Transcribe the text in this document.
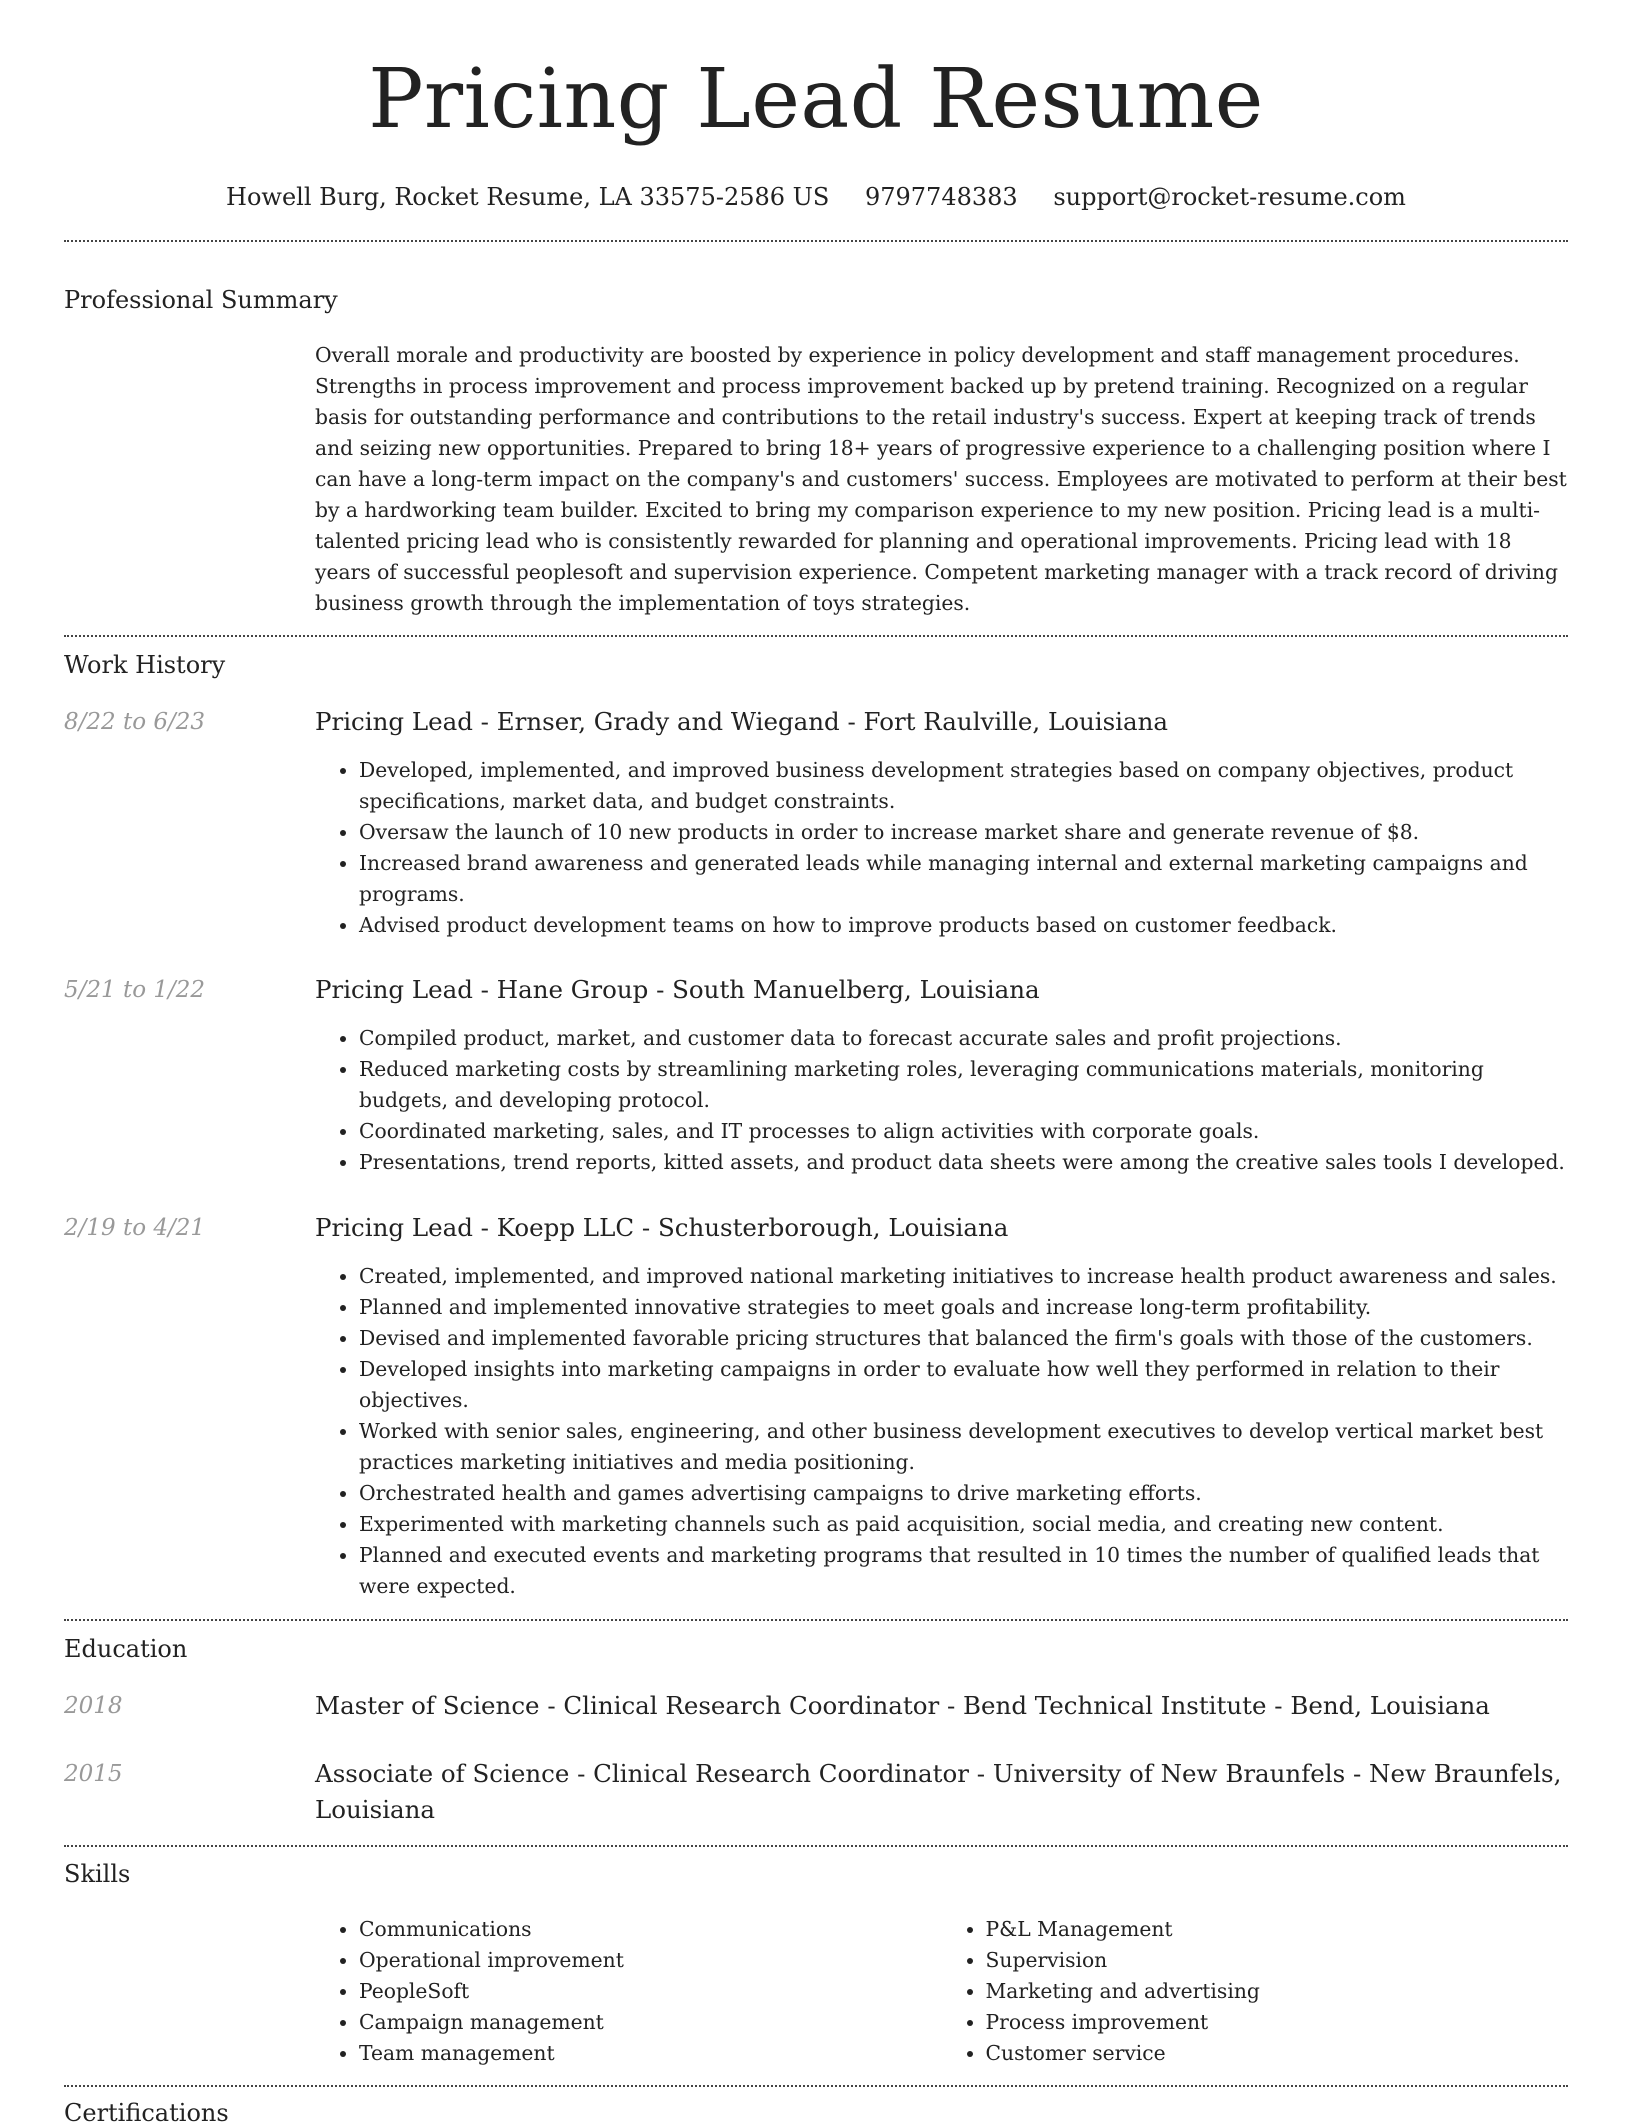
Pricing Lead Resume
Howell Burg, Rocket Resume, LA 33575-2586 US 9797748383 support@rocket-resume.com
Professional Summary

Overall morale and productivity are boosted by experience in policy development and staff management procedures. Strengths in process improvement and process improvement backed up by pretend training. Recognized on a regular basis for outstanding performance and contributions to the retail industry's success. Expert at keeping track of trends and seizing new opportunities. Prepared to bring 18+ years of progressive experience to a challenging position where I can have a long-term impact on the company's and customers' success. Employees are motivated to perform at their best by a hardworking team builder. Excited to bring my comparison experience to my new position. Pricing lead is a multi-talented pricing lead who is consistently rewarded for planning and operational improvements. Pricing lead with 18 years of successful peoplesoft and supervision experience. Competent marketing manager with a track record of driving business growth through the implementation of toys strategies.

Work History
8/22 to 6/23	Pricing Lead - Ernser, Grady and Wiegand - Fort Raulville, Louisiana

• Developed, implemented, and improved business development strategies based on company objectives, product specifications, market data, and budget constraints.
• Oversaw the launch of 10 new products in order to increase market share and generate revenue of $8.
• Increased brand awareness and generated leads while managing internal and external marketing campaigns and programs.
• Advised product development teams on how to improve products based on customer feedback.
5/21 to 1/22	Pricing Lead - Hane Group - South Manuelberg, Louisiana

• Compiled product, market, and customer data to forecast accurate sales and profit projections.
• Reduced marketing costs by streamlining marketing roles, leveraging communications materials, monitoring budgets, and developing protocol.
• Coordinated marketing, sales, and IT processes to align activities with corporate goals.
• Presentations, trend reports, kitted assets, and product data sheets were among the creative sales tools I developed.
2/19 to 4/21	Pricing Lead - Koepp LLC - Schusterborough, Louisiana

• Created, implemented, and improved national marketing initiatives to increase health product awareness and sales.
• Planned and implemented innovative strategies to meet goals and increase long-term profitability.
• Devised and implemented favorable pricing structures that balanced the firm's goals with those of the customers.
• Developed insights into marketing campaigns in order to evaluate how well they performed in relation to their objectives.
• Worked with senior sales, engineering, and other business development executives to develop vertical market best practices marketing initiatives and media positioning.
• Orchestrated health and games advertising campaigns to drive marketing efforts.
• Experimented with marketing channels such as paid acquisition, social media, and creating new content.
• Planned and executed events and marketing programs that resulted in 10 times the number of qualified leads that were expected.
Education
2018	Master of Science - Clinical Research Coordinator - Bend Technical Institute - Bend, Louisiana

2015	Associate of Science - Clinical Research Coordinator - University of New Braunfels - New Braunfels, Louisiana

Skills
• Communications
• Operational improvement
• PeopleSoft
• Campaign management
• Team management
• P&L Management
• Supervision
• Marketing and advertising
• Process improvement
• Customer service
Certifications
